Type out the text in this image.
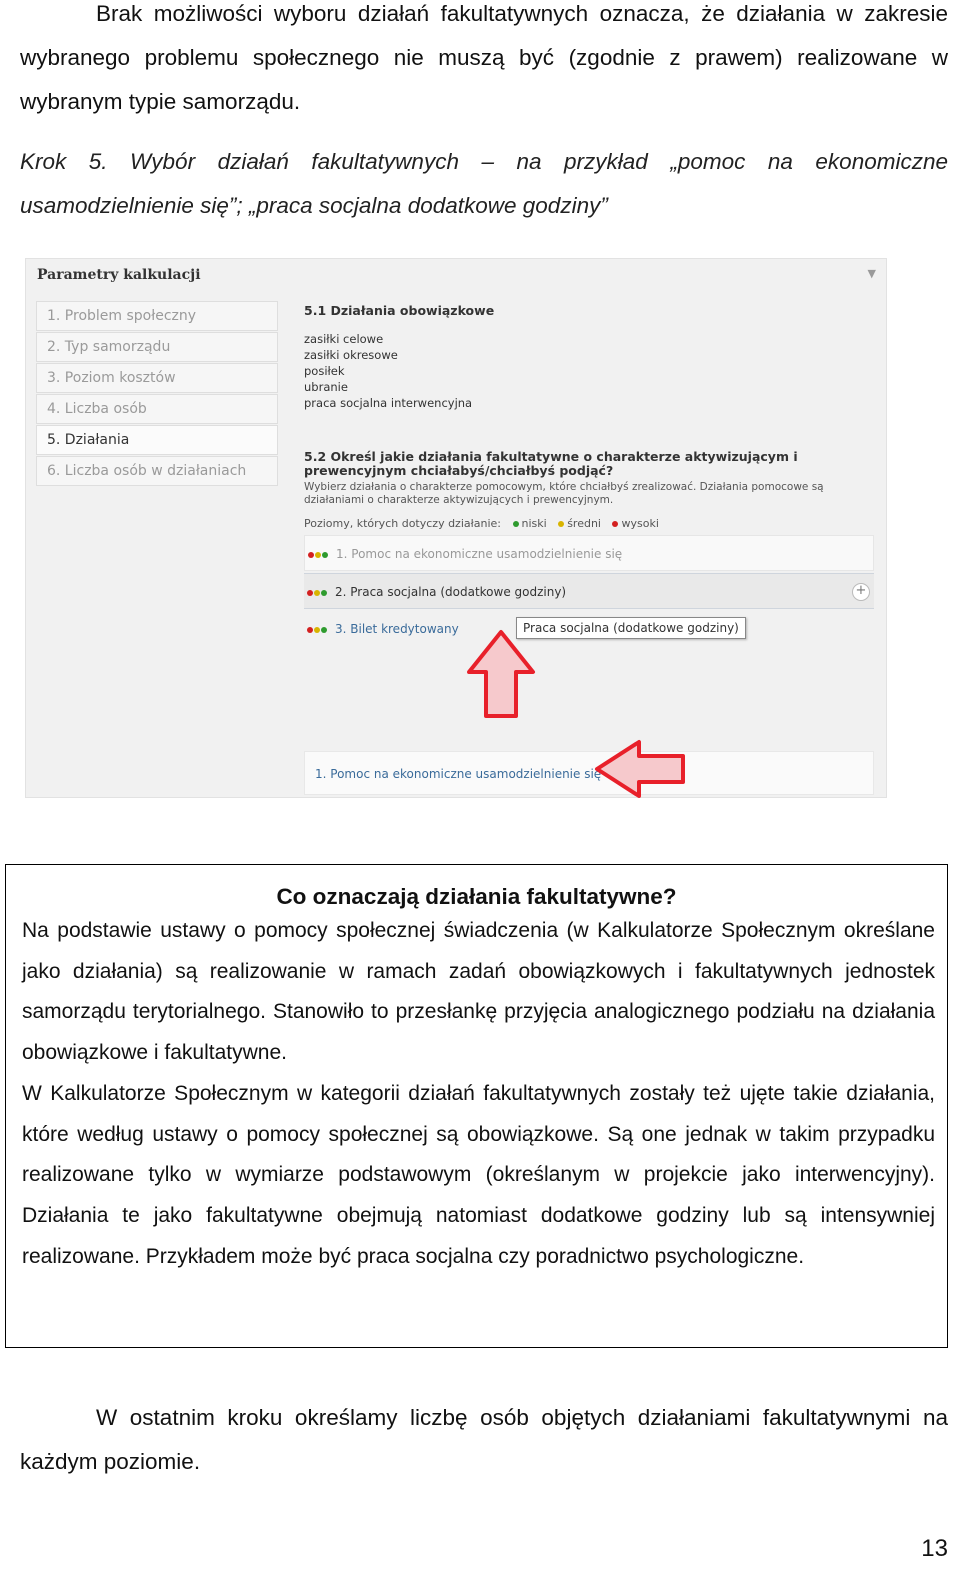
Brak możliwości wyboru działań fakultatywnych oznacza, że działania w zakresie wybranego problemu społecznego nie muszą być (zgodnie z prawem) realizowane w wybranym typie samorządu.

Krok 5. Wybór działań fakultatywnych – na przykład „pomoc na ekonomiczne usamodzielnienie się”; „praca socjalna dodatkowe godziny”

Parametry kalkulacji	▼
1. Problem społeczny
2. Typ samorządu
3. Poziom kosztów
4. Liczba osób
5. Działania
6. Liczba osób w działaniach
5.1 Działania obowiązkowe
zasiłki celowe
zasiłki okresowe
posiłek
ubranie
praca socjalna interwencyjna
5.2 Określ jakie działania fakultatywne o charakterze aktywizującym i prewencyjnym chciałabyś/chciałbyś podjąć?
Wybierz działania o charakterze pomocowym, które chciałbyś zrealizować. Działania pomocowe są działaniami o charakterze aktywizujących i prewencyjnym.
Poziomy, których dotyczy działanie: niski średni wysoki
1. Pomoc na ekonomiczne usamodzielnienie się
2. Praca socjalna (dodatkowe godziny)	+
3. Bilet kredytowany	Praca socjalna (dodatkowe godziny)
1. Pomoc na ekonomiczne usamodzielnienie się
Co oznaczają działania fakultatywne?

Na podstawie ustawy o pomocy społecznej świadczenia (w Kalkulatorze Społecznym określane jako działania) są realizowanie w ramach zadań obowiązkowych i fakultatywnych jednostek samorządu terytorialnego. Stanowiło to przesłankę przyjęcia analogicznego podziału na działania obowiązkowe i fakultatywne.

W Kalkulatorze Społecznym w kategorii działań fakultatywnych zostały też ujęte takie działania, które według ustawy o pomocy społecznej są obowiązkowe. Są one jednak w takim przypadku realizowane tylko w wymiarze podstawowym (określanym w projekcie jako interwencyjny). Działania te jako fakultatywne obejmują natomiast dodatkowe godziny lub są intensywniej realizowane. Przykładem może być praca socjalna czy poradnictwo psychologiczne.

W ostatnim kroku określamy liczbę osób objętych działaniami fakultatywnymi na każdym poziomie.

13
